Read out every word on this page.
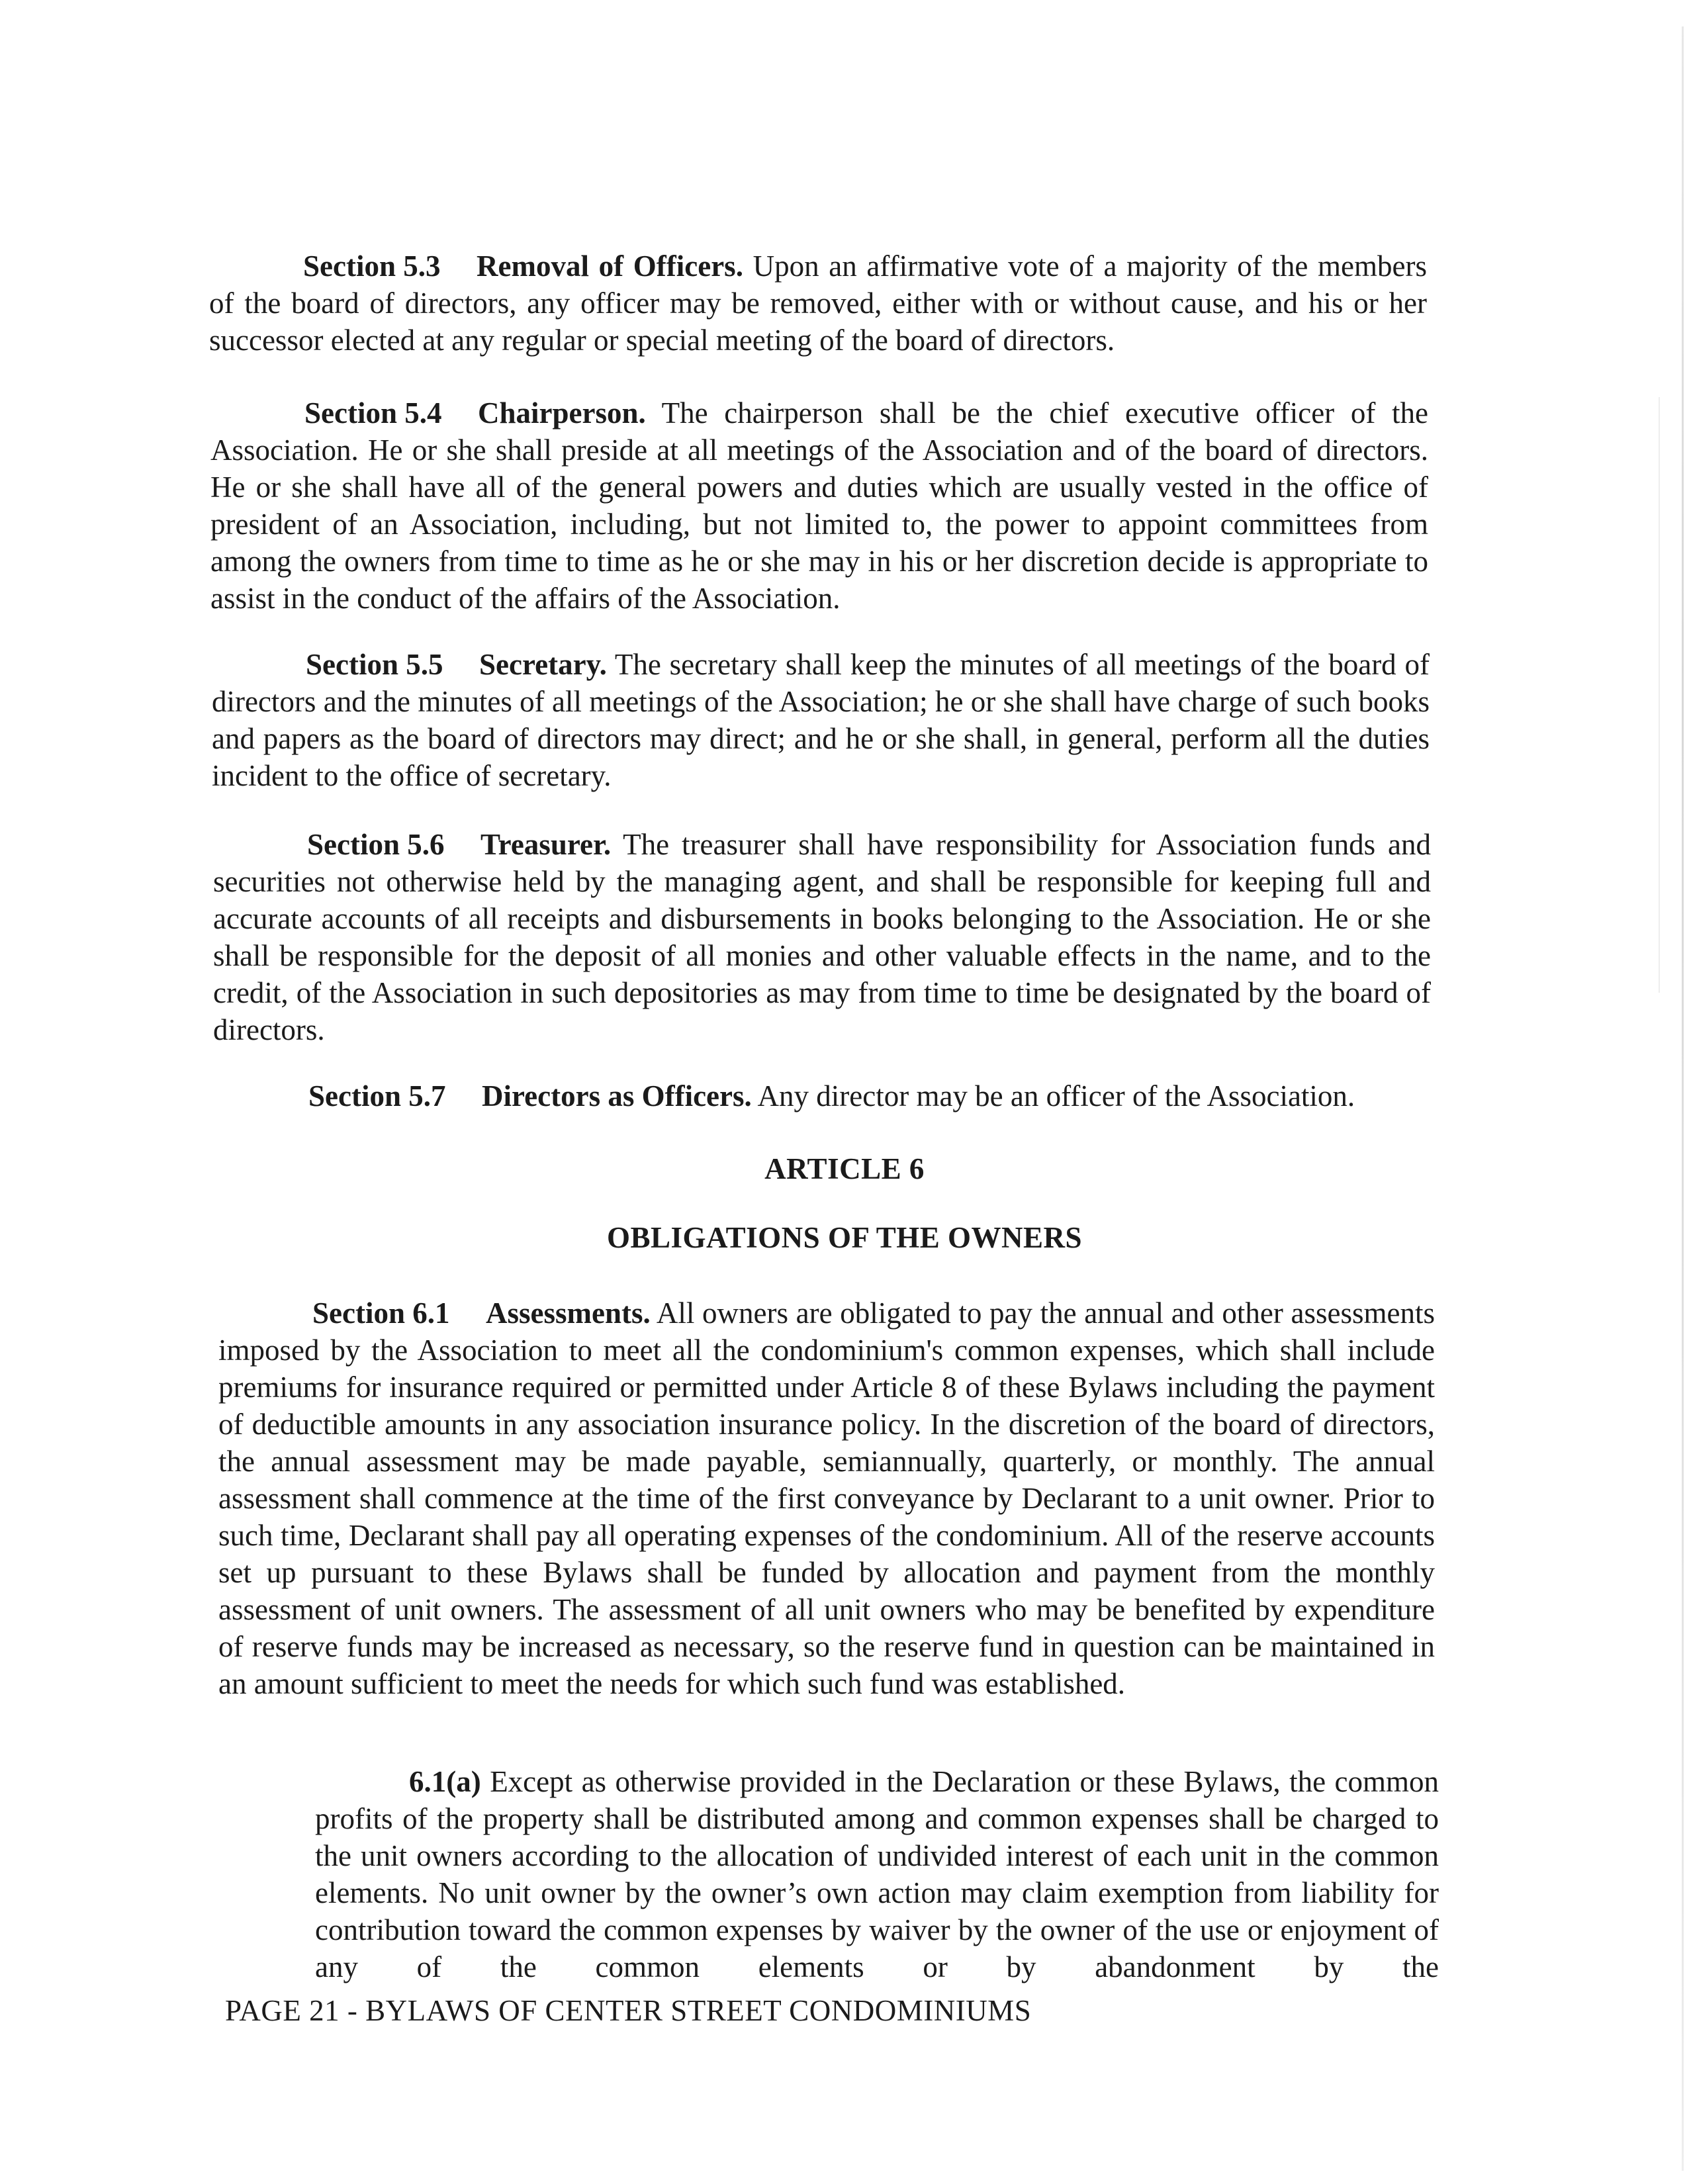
Section 5.3 Removal of Officers. Upon an affirmative vote of a majority of the members of the board of directors, any officer may be removed, either with or without cause, and his or her successor elected at any regular or special meeting of the board of directors.

Section 5.4 Chairperson. The chairperson shall be the chief executive officer of the Association. He or she shall preside at all meetings of the Association and of the board of directors. He or she shall have all of the general powers and duties which are usually vested in the office of president of an Association, including, but not limited to, the power to appoint committees from among the owners from time to time as he or she may in his or her discretion decide is appropriate to assist in the conduct of the affairs of the Association.

Section 5.5 Secretary. The secretary shall keep the minutes of all meetings of the board of directors and the minutes of all meetings of the Association; he or she shall have charge of such books and papers as the board of directors may direct; and he or she shall, in general, perform all the duties incident to the office of secretary.

Section 5.6 Treasurer. The treasurer shall have responsibility for Association funds and securities not otherwise held by the managing agent, and shall be responsible for keeping full and accurate accounts of all receipts and disbursements in books belonging to the Association. He or she shall be responsible for the deposit of all monies and other valuable effects in the name, and to the credit, of the Association in such depositories as may from time to time be designated by the board of directors.

Section 5.7 Directors as Officers. Any director may be an officer of the Association.

ARTICLE 6

OBLIGATIONS OF THE OWNERS

Section 6.1 Assessments. All owners are obligated to pay the annual and other assessments imposed by the Association to meet all the condominium's common expenses, which shall include premiums for insurance required or permitted under Article 8 of these Bylaws including the payment of deductible amounts in any association insurance policy. In the discretion of the board of directors, the annual assessment may be made payable, semiannually, quarterly, or monthly. The annual assessment shall commence at the time of the first conveyance by Declarant to a unit owner. Prior to such time, Declarant shall pay all operating expenses of the condominium. All of the reserve accounts set up pursuant to these Bylaws shall be funded by allocation and payment from the monthly assessment of unit owners. The assessment of all unit owners who may be benefited by expenditure of reserve funds may be increased as necessary, so the reserve fund in question can be maintained in an amount sufficient to meet the needs for which such fund was established.

6.1(a) Except as otherwise provided in the Declaration or these Bylaws, the common profits of the property shall be distributed among and common expenses shall be charged to the unit owners according to the allocation of undivided interest of each unit in the common elements. No unit owner by the owner’s own action may claim exemption from liability for contribution toward the common expenses by waiver by the owner of the use or enjoyment of any of the common elements or by abandonment by the

PAGE 21 - BYLAWS OF CENTER STREET CONDOMINIUMS
